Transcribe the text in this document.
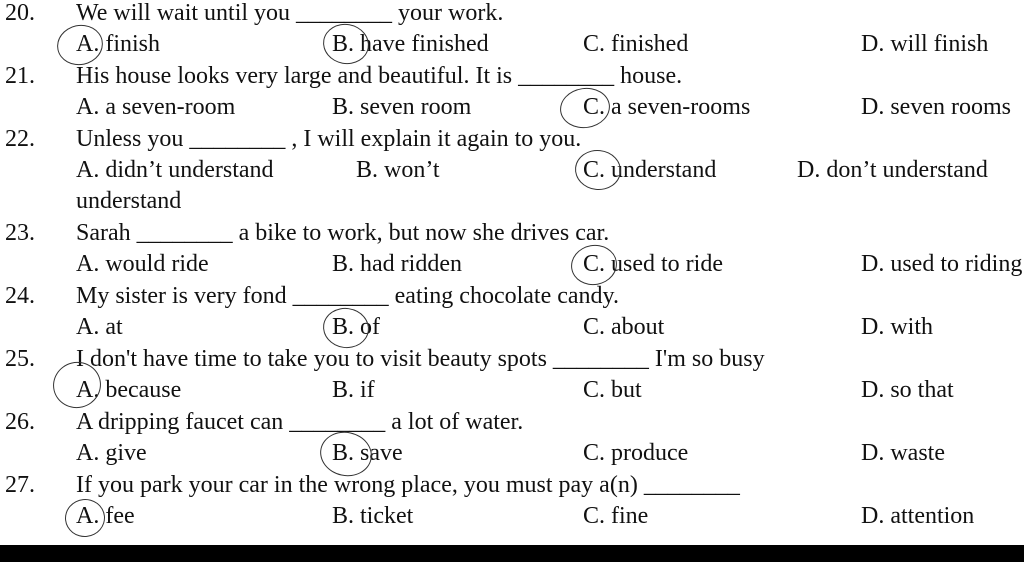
20. We will wait until you ________ your work.
A. finish	B. have finished	C. finished	D. will finish
21. His house looks very large and beautiful. It is ________ house.
A. a seven-room	B. seven room	C. a seven-rooms	D. seven rooms
22. Unless you ________ , I will explain it again to you.
A. didn’t understand	B. won’t	C. understand	D. don’t understand
understand
23. Sarah ________ a bike to work, but now she drives car.
A. would ride	B. had ridden	C. used to ride	D. used to riding
24. My sister is very fond ________ eating chocolate candy.
A. at	B. of	C. about	D. with
25. I don't have time to take you to visit beauty spots ________ I'm so busy
A. because	B. if	C. but	D. so that
26. A dripping faucet can ________ a lot of water.
A. give	B. save	C. produce	D. waste
27. If you park your car in the wrong place, you must pay a(n) ________
A. fee	B. ticket	C. fine	D. attention
